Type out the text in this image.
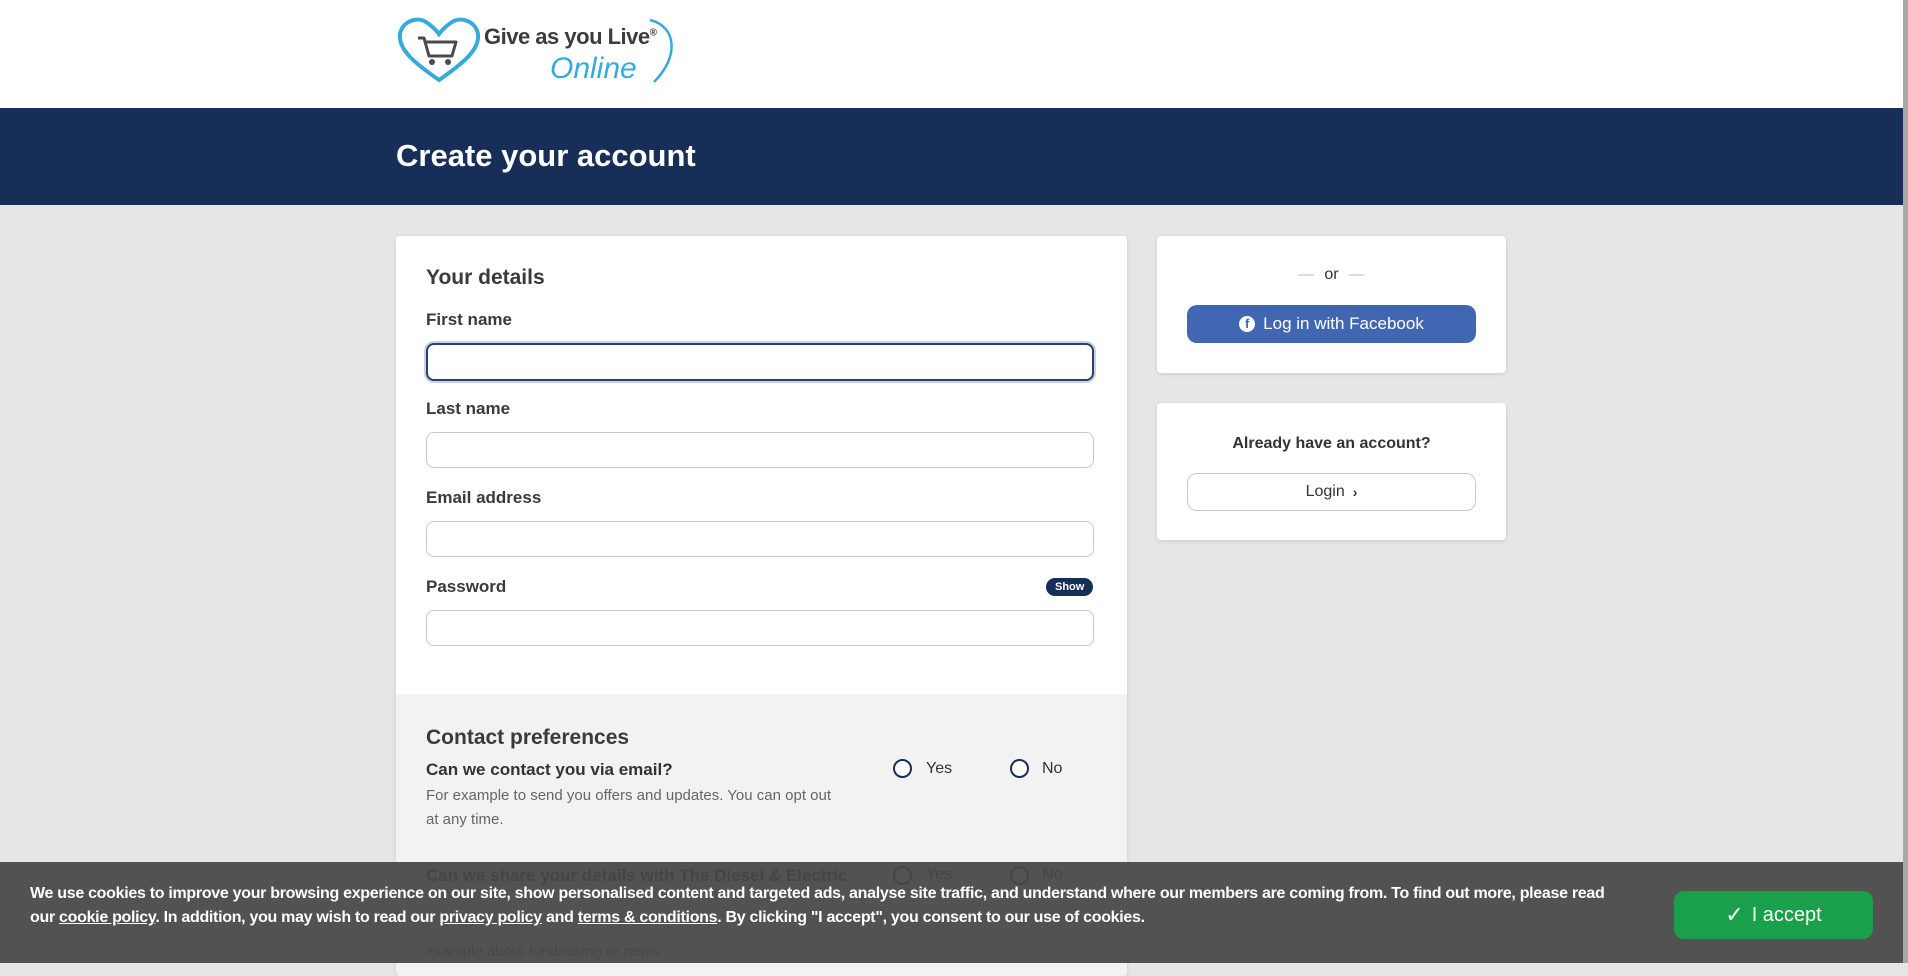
Give as you Live®
Online
Create your account
Your details
First name
Last name
Email address
Password	Show
Contact preferences
Can we contact you via email?
For example to send you offers and updates. You can opt out at any time.
Yes	No
— or —
f Log in with Facebook
Already have an account?
Login ›
We use cookies to improve your browsing experience on our site, show personalised content and targeted ads, analyse site traffic, and understand where our members are coming from. To find out more, please read our cookie policy. In addition, you may wish to read our privacy policy and terms & conditions. By clicking "I accept", you consent to our use of cookies.	✓ I accept
